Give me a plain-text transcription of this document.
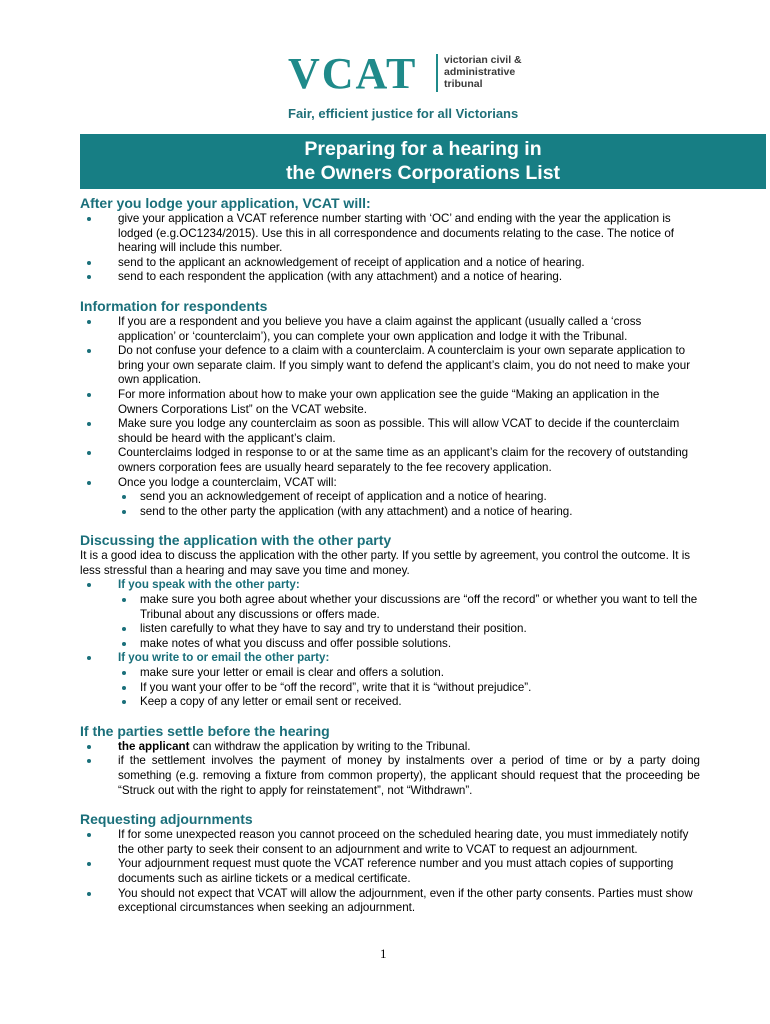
VCAT	victorian civil &
administrative
tribunal
Fair, efficient justice for all Victorians
Preparing for a hearing in
the Owners Corporations List
After you lodge your application, VCAT will:
give your application a VCAT reference number starting with ‘OC’ and ending with the year the application is lodged (e.g.OC1234/2015). Use this in all correspondence and documents relating to the case. The notice of hearing will include this number.
send to the applicant an acknowledgement of receipt of application and a notice of hearing.
send to each respondent the application (with any attachment) and a notice of hearing.
Information for respondents
If you are a respondent and you believe you have a claim against the applicant (usually called a ‘cross application’ or ‘counterclaim’), you can complete your own application and lodge it with the Tribunal.
Do not confuse your defence to a claim with a counterclaim. A counterclaim is your own separate application to bring your own separate claim. If you simply want to defend the applicant’s claim, you do not need to make your own application.
For more information about how to make your own application see the guide “Making an application in the Owners Corporations List” on the VCAT website.
Make sure you lodge any counterclaim as soon as possible. This will allow VCAT to decide if the counterclaim should be heard with the applicant’s claim.
Counterclaims lodged in response to or at the same time as an applicant’s claim for the recovery of outstanding owners corporation fees are usually heard separately to the fee recovery application.
Once you lodge a counterclaim, VCAT will:
send you an acknowledgement of receipt of application and a notice of hearing.
send to the other party the application (with any attachment) and a notice of hearing.
Discussing the application with the other party
It is a good idea to discuss the application with the other party. If you settle by agreement, you control the outcome. It is less stressful than a hearing and may save you time and money.
If you speak with the other party:
make sure you both agree about whether your discussions are “off the record” or whether you want to tell the Tribunal about any discussions or offers made.
listen carefully to what they have to say and try to understand their position.
make notes of what you discuss and offer possible solutions.
If you write to or email the other party:
make sure your letter or email is clear and offers a solution.
If you want your offer to be “off the record”, write that it is “without prejudice”.
Keep a copy of any letter or email sent or received.
If the parties settle before the hearing
the applicant can withdraw the application by writing to the Tribunal.
if the settlement involves the payment of money by instalments over a period of time or by a party doing something (e.g. removing a fixture from common property), the applicant should request that the proceeding be “Struck out with the right to apply for reinstatement”, not “Withdrawn”.
Requesting adjournments
If for some unexpected reason you cannot proceed on the scheduled hearing date, you must immediately notify the other party to seek their consent to an adjournment and write to VCAT to request an adjournment.
Your adjournment request must quote the VCAT reference number and you must attach copies of supporting documents such as airline tickets or a medical certificate.
You should not expect that VCAT will allow the adjournment, even if the other party consents. Parties must show exceptional circumstances when seeking an adjournment.
1
